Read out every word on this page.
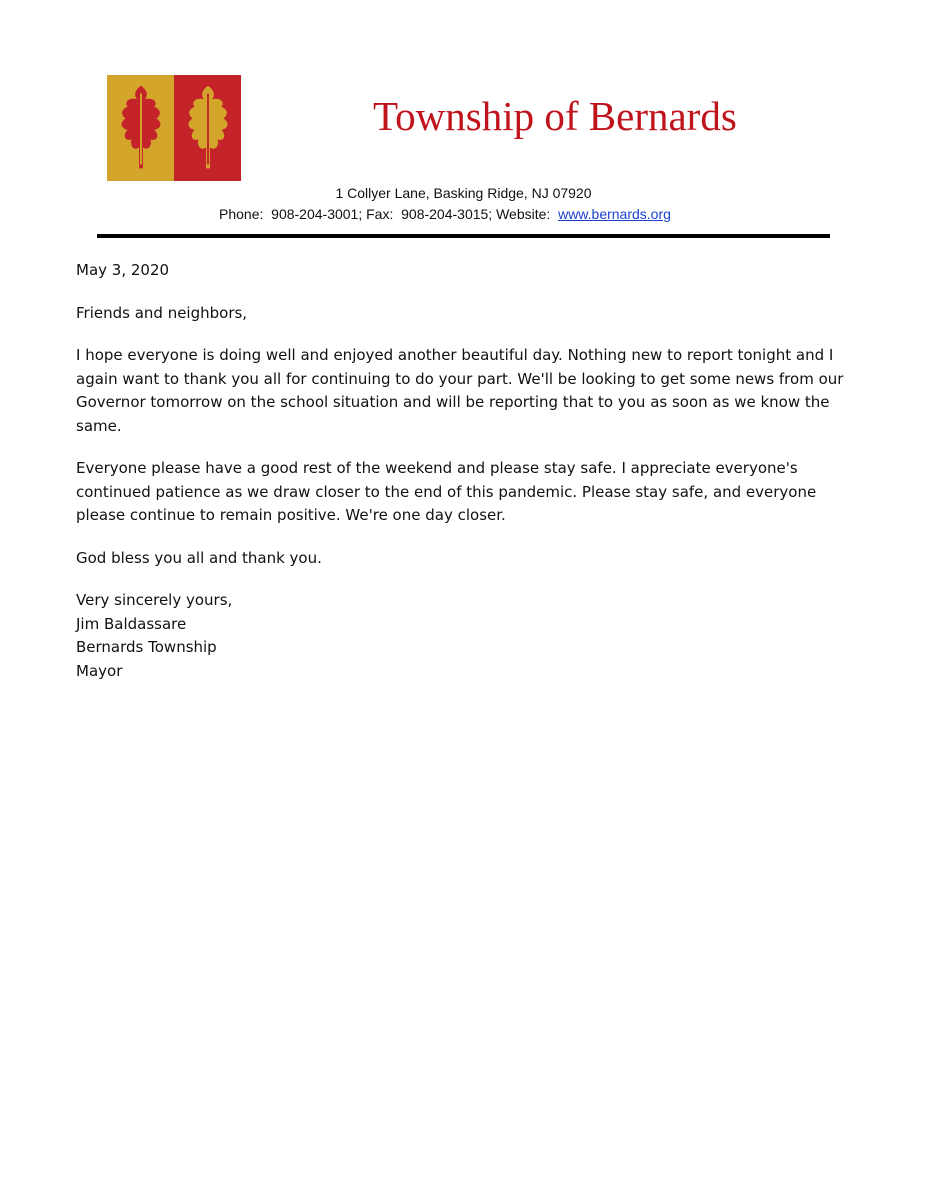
Township of Bernards
1 Collyer Lane, Basking Ridge, NJ 07920
Phone:  908-204-3001; Fax:  908-204-3015; Website:  www.bernards.org

May 3, 2020

Friends and neighbors,

I hope everyone is doing well and enjoyed another beautiful day. Nothing new to report tonight and I again want to thank you all for continuing to do your part. We'll be looking to get some news from our Governor tomorrow on the school situation and will be reporting that to you as soon as we know the same.

Everyone please have a good rest of the weekend and please stay safe. I appreciate everyone's continued patience as we draw closer to the end of this pandemic. Please stay safe, and everyone please continue to remain positive. We're one day closer.

God bless you all and thank you.

Very sincerely yours,

Jim Baldassare

Bernards Township

Mayor
